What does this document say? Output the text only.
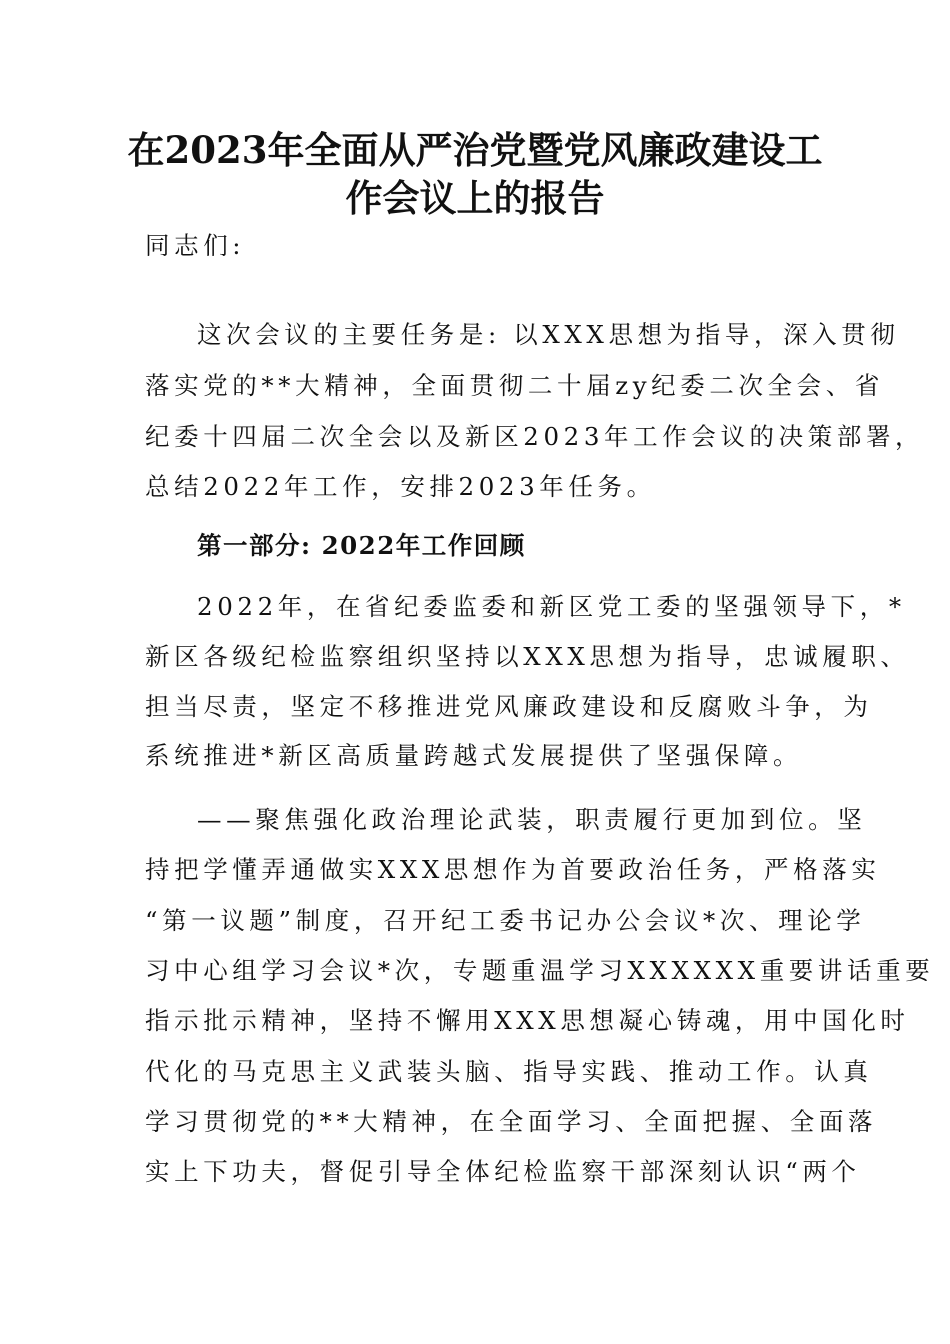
在2023年全面从严治党暨党风廉政建设工
作会议上的报告
同志们:
这次会议的主要任务是: 以XXX思想为指导，深入贯彻
落实党的**大精神，全面贯彻二十届zy纪委二次全会、省
纪委十四届二次全会以及新区2023年工作会议的决策部署，
总结2022年工作，安排2023年任务。
第一部分: 2022年工作回顾
2022年，在省纪委监委和新区党工委的坚强领导下，*
新区各级纪检监察组织坚持以XXX思想为指导，忠诚履职、
担当尽责，坚定不移推进党风廉政建设和反腐败斗争，为
系统推进*新区高质量跨越式发展提供了坚强保障。
——聚焦强化政治理论武装，职责履行更加到位。坚
持把学懂弄通做实XXX思想作为首要政治任务，严格落实
“第一议题”制度，召开纪工委书记办公会议*次、理论学
习中心组学习会议*次，专题重温学习XXXXXX重要讲话重要
指示批示精神，坚持不懈用XXX思想凝心铸魂，用中国化时
代化的马克思主义武装头脑、指导实践、推动工作。认真
学习贯彻党的**大精神，在全面学习、全面把握、全面落
实上下功夫，督促引导全体纪检监察干部深刻认识“两个
